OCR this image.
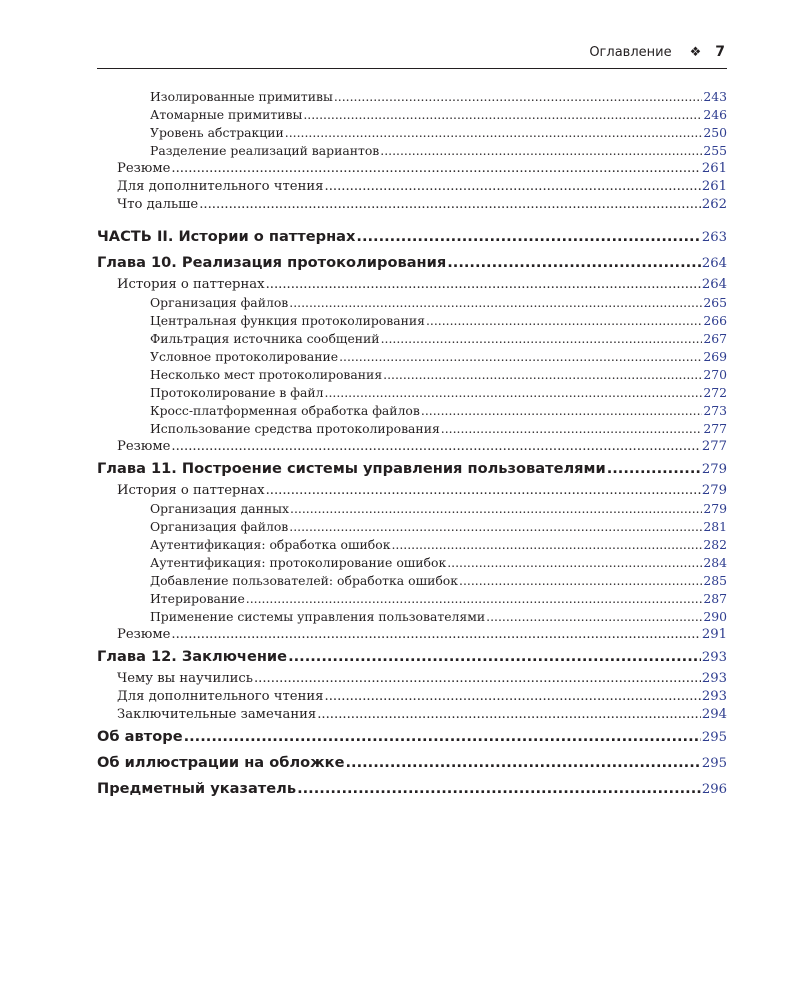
Оглавление ❖ 7
Изолированные примитивы .....	243
Атомарные примитивы .....	246
Уровень абстракции .....	250
Разделение реализаций вариантов .....	255
Резюме .....	261
Для дополнительного чтения .....	261
Что дальше .....	262
ЧАСТЬ II. Истории о паттернах .....	263
Глава 10. Реализация протоколирования .....	264
История о паттернах .....	264
Организация файлов .....	265
Центральная функция протоколирования .....	266
Фильтрация источника сообщений .....	267
Условное протоколирование .....	269
Несколько мест протоколирования .....	270
Протоколирование в файл .....	272
Кросс-платформенная обработка файлов .....	273
Использование средства протоколирования .....	277
Резюме .....	277
Глава 11. Построение системы управления пользователями .....	279
История о паттернах .....	279
Организация данных .....	279
Организация файлов .....	281
Аутентификация: обработка ошибок .....	282
Аутентификация: протоколирование ошибок .....	284
Добавление пользователей: обработка ошибок .....	285
Итерирование .....	287
Применение системы управления пользователями .....	290
Резюме .....	291
Глава 12. Заключение .....	293
Чему вы научились .....	293
Для дополнительного чтения .....	293
Заключительные замечания .....	294
Об авторе .....	295
Об иллюстрации на обложке .....	295
Предметный указатель .....	296
